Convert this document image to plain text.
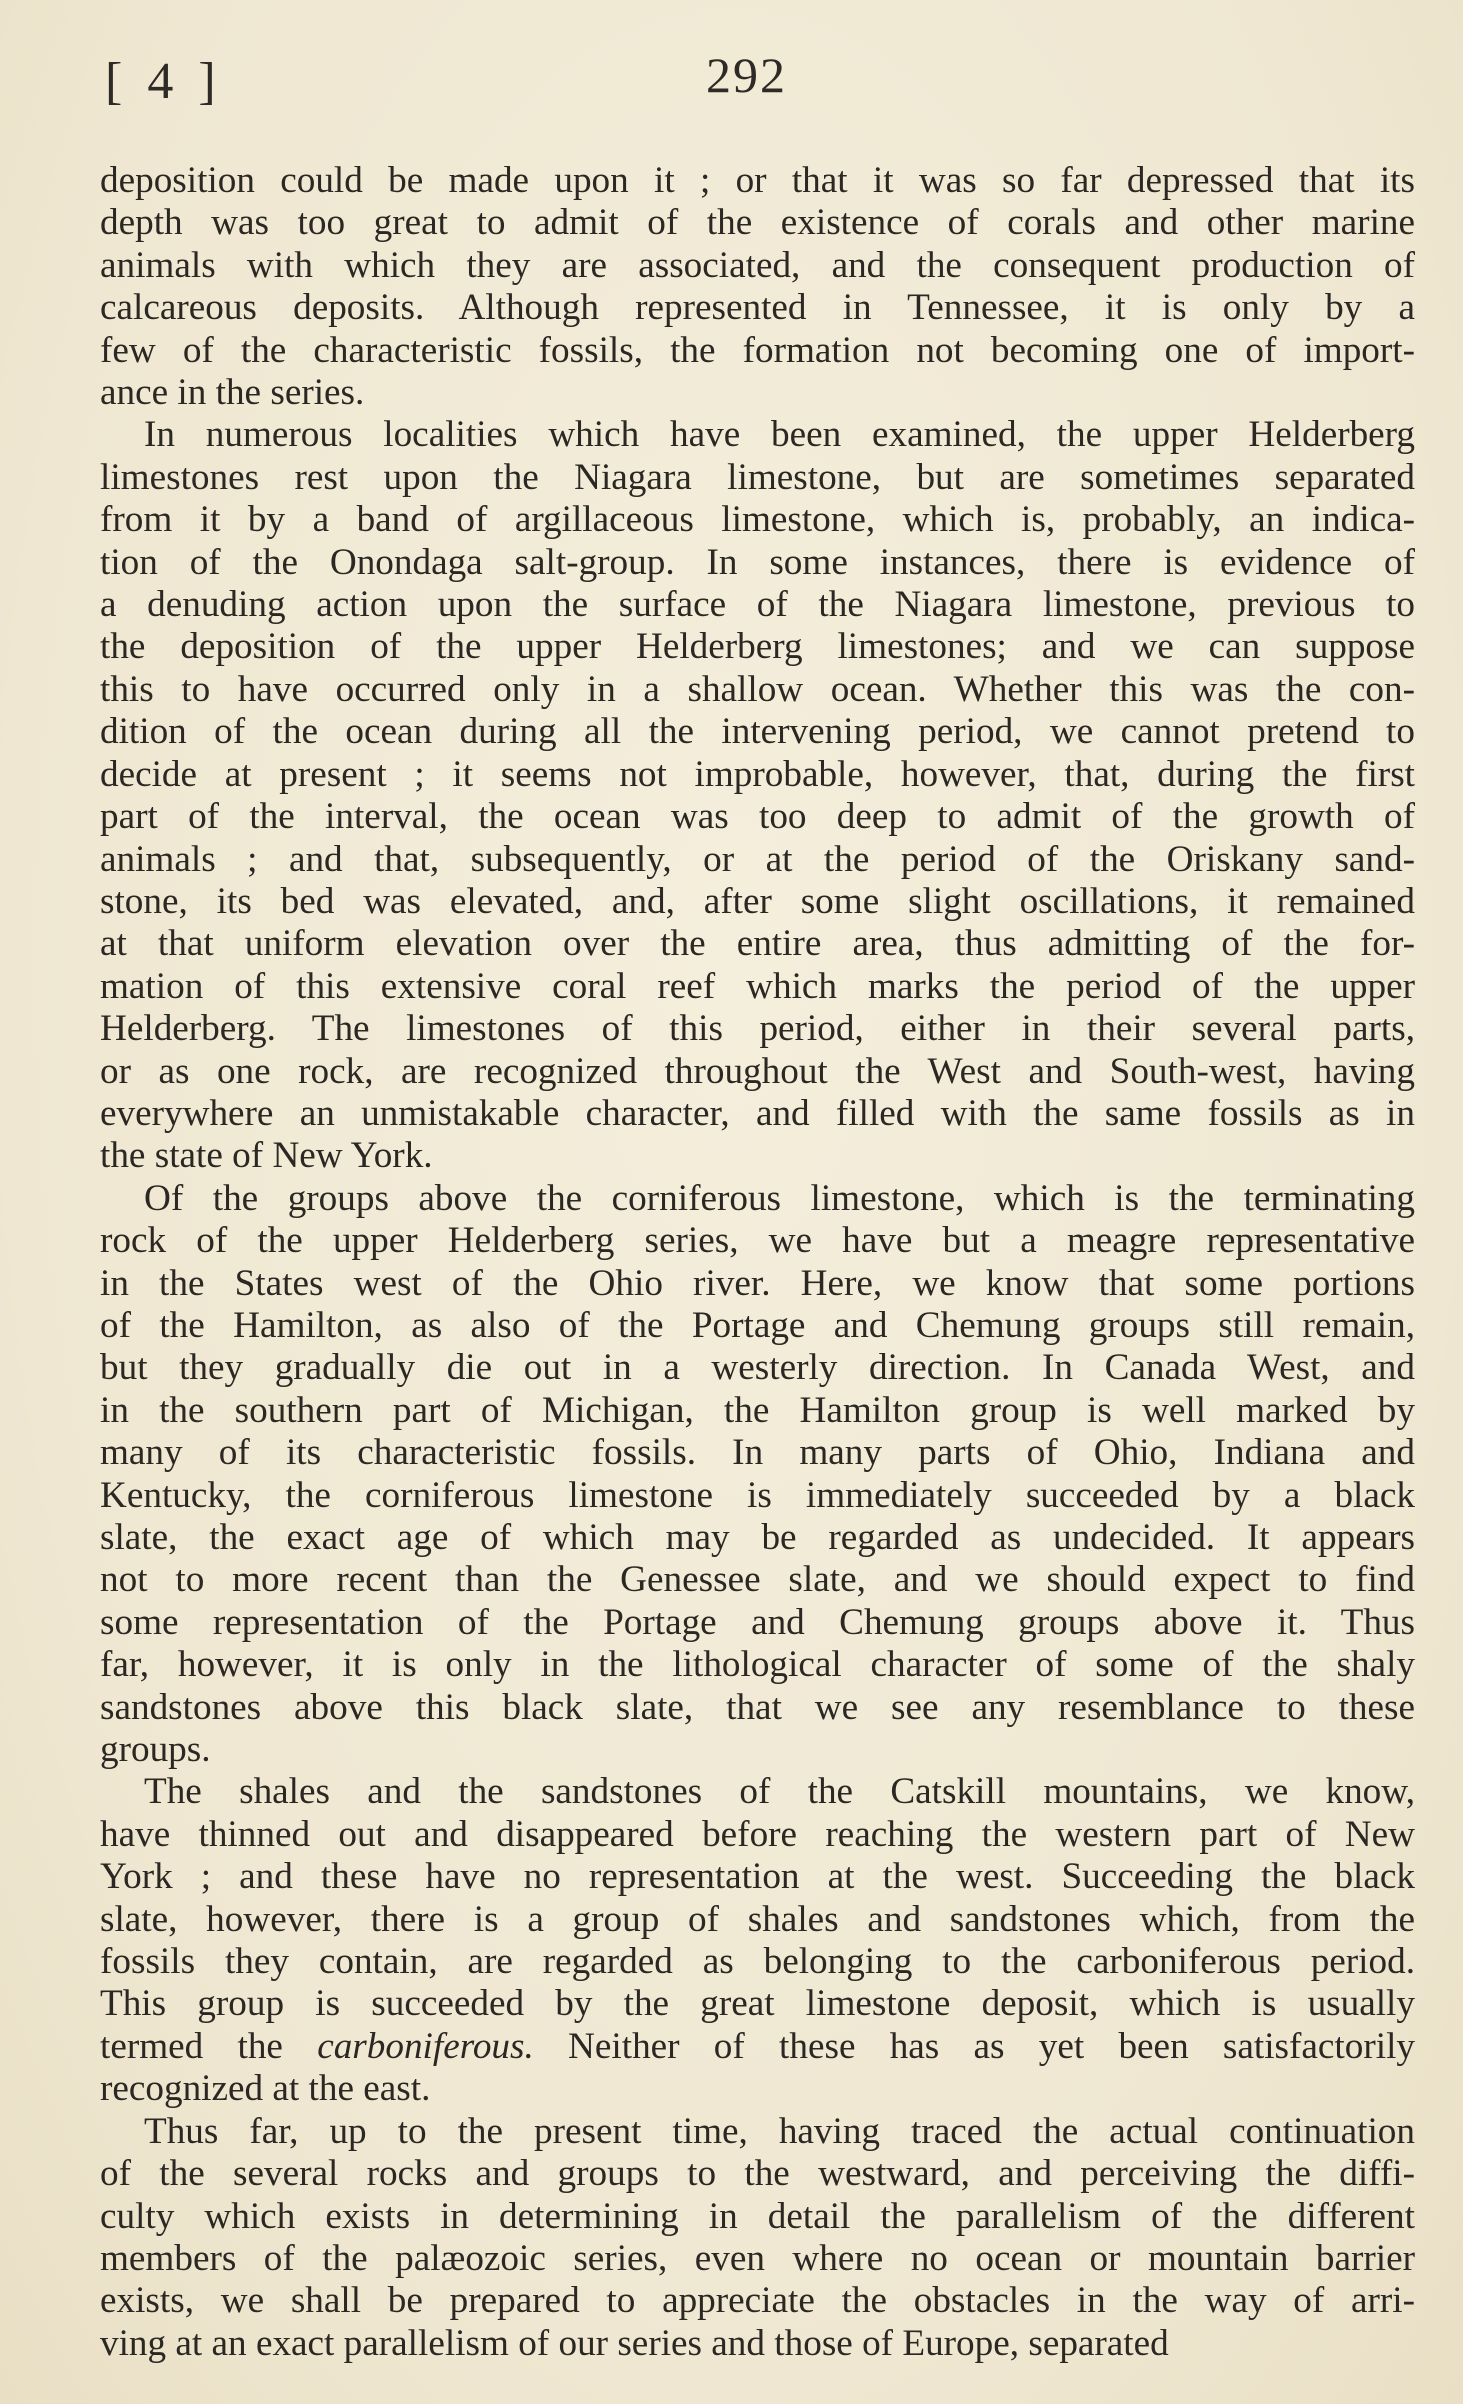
[ 4 ]	292
deposition could be made upon it ; or that it was so far depressed that its
depth was too great to admit of the existence of corals and other marine
animals with which they are associated, and the consequent production of
calcareous deposits. Although represented in Tennessee, it is only by a
few of the characteristic fossils, the formation not becoming one of import-
ance in the series.
In numerous localities which have been examined, the upper Helderberg
limestones rest upon the Niagara limestone, but are sometimes separated
from it by a band of argillaceous limestone, which is, probably, an indica-
tion of the Onondaga salt-group. In some instances, there is evidence of
a denuding action upon the surface of the Niagara limestone, previous to
the deposition of the upper Helderberg limestones; and we can suppose
this to have occurred only in a shallow ocean. Whether this was the con-
dition of the ocean during all the intervening period, we cannot pretend to
decide at present ; it seems not improbable, however, that, during the first
part of the interval, the ocean was too deep to admit of the growth of
animals ; and that, subsequently, or at the period of the Oriskany sand-
stone, its bed was elevated, and, after some slight oscillations, it remained
at that uniform elevation over the entire area, thus admitting of the for-
mation of this extensive coral reef which marks the period of the upper
Helderberg. The limestones of this period, either in their several parts,
or as one rock, are recognized throughout the West and South-west, having
everywhere an unmistakable character, and filled with the same fossils as in
the state of New York.
Of the groups above the corniferous limestone, which is the terminating
rock of the upper Helderberg series, we have but a meagre representative
in the States west of the Ohio river. Here, we know that some portions
of the Hamilton, as also of the Portage and Chemung groups still remain,
but they gradually die out in a westerly direction. In Canada West, and
in the southern part of Michigan, the Hamilton group is well marked by
many of its characteristic fossils. In many parts of Ohio, Indiana and
Kentucky, the corniferous limestone is immediately succeeded by a black
slate, the exact age of which may be regarded as undecided. It appears
not to more recent than the Genessee slate, and we should expect to find
some representation of the Portage and Chemung groups above it. Thus
far, however, it is only in the lithological character of some of the shaly
sandstones above this black slate, that we see any resemblance to these
groups.
The shales and the sandstones of the Catskill mountains, we know,
have thinned out and disappeared before reaching the western part of New
York ; and these have no representation at the west. Succeeding the black
slate, however, there is a group of shales and sandstones which, from the
fossils they contain, are regarded as belonging to the carboniferous period.
This group is succeeded by the great limestone deposit, which is usually
termed the carboniferous. Neither of these has as yet been satisfactorily
recognized at the east.
Thus far, up to the present time, having traced the actual continuation
of the several rocks and groups to the westward, and perceiving the diffi-
culty which exists in determining in detail the parallelism of the different
members of the palæozoic series, even where no ocean or mountain barrier
exists, we shall be prepared to appreciate the obstacles in the way of arri-
ving at an exact parallelism of our series and those of Europe, separated
